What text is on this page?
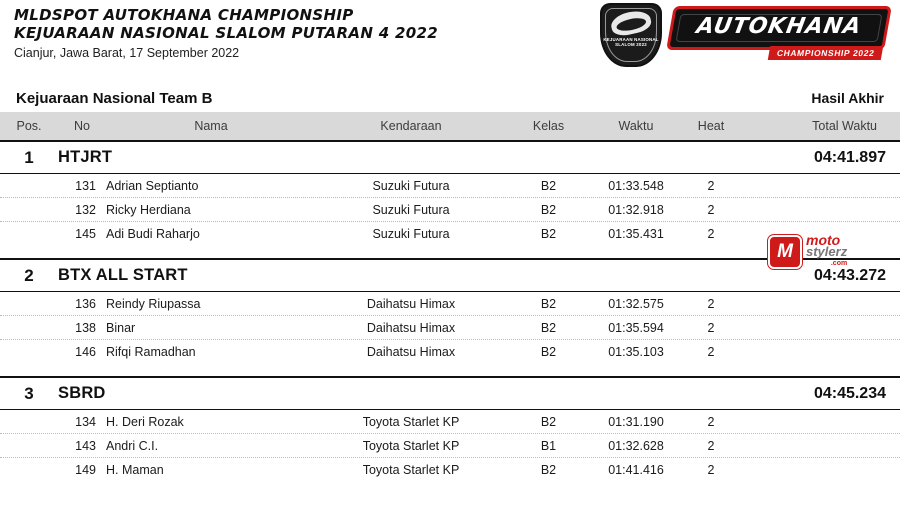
MLDSPOT AUTOKHANA CHAMPIONSHIP
KEJUARAAN NASIONAL SLALOM PUTARAN 4 2022
Cianjur, Jawa Barat, 17 September 2022
KEJUARAAN NASIONAL SLALOM 2022
AUTOKHANA
CHAMPIONSHIP 2022
Kejuaraan Nasional Team B	Hasil Akhir
Pos.	No	Nama	Kendaraan	Kelas	Waktu	Heat	Total Waktu
1	HTJRT	04:41.897
131 Adrian Septianto	Suzuki Futura	B2	01:33.548	2
132 Ricky Herdiana	Suzuki Futura	B2	01:32.918	2
145 Adi Budi Raharjo	Suzuki Futura	B2	01:35.431	2
2	BTX ALL START	04:43.272
136 Reindy Riupassa	Daihatsu Himax	B2	01:32.575	2
138 Binar	Daihatsu Himax	B2	01:35.594	2
146 Rifqi Ramadhan	Daihatsu Himax	B2	01:35.103	2
3	SBRD	04:45.234
134 H. Deri Rozak	Toyota Starlet KP	B2	01:31.190	2
143 Andri C.I.	Toyota Starlet KP	B1	01:32.628	2
149 H. Maman	Toyota Starlet KP	B2	01:41.416	2
M
moto
stylerz
.com
